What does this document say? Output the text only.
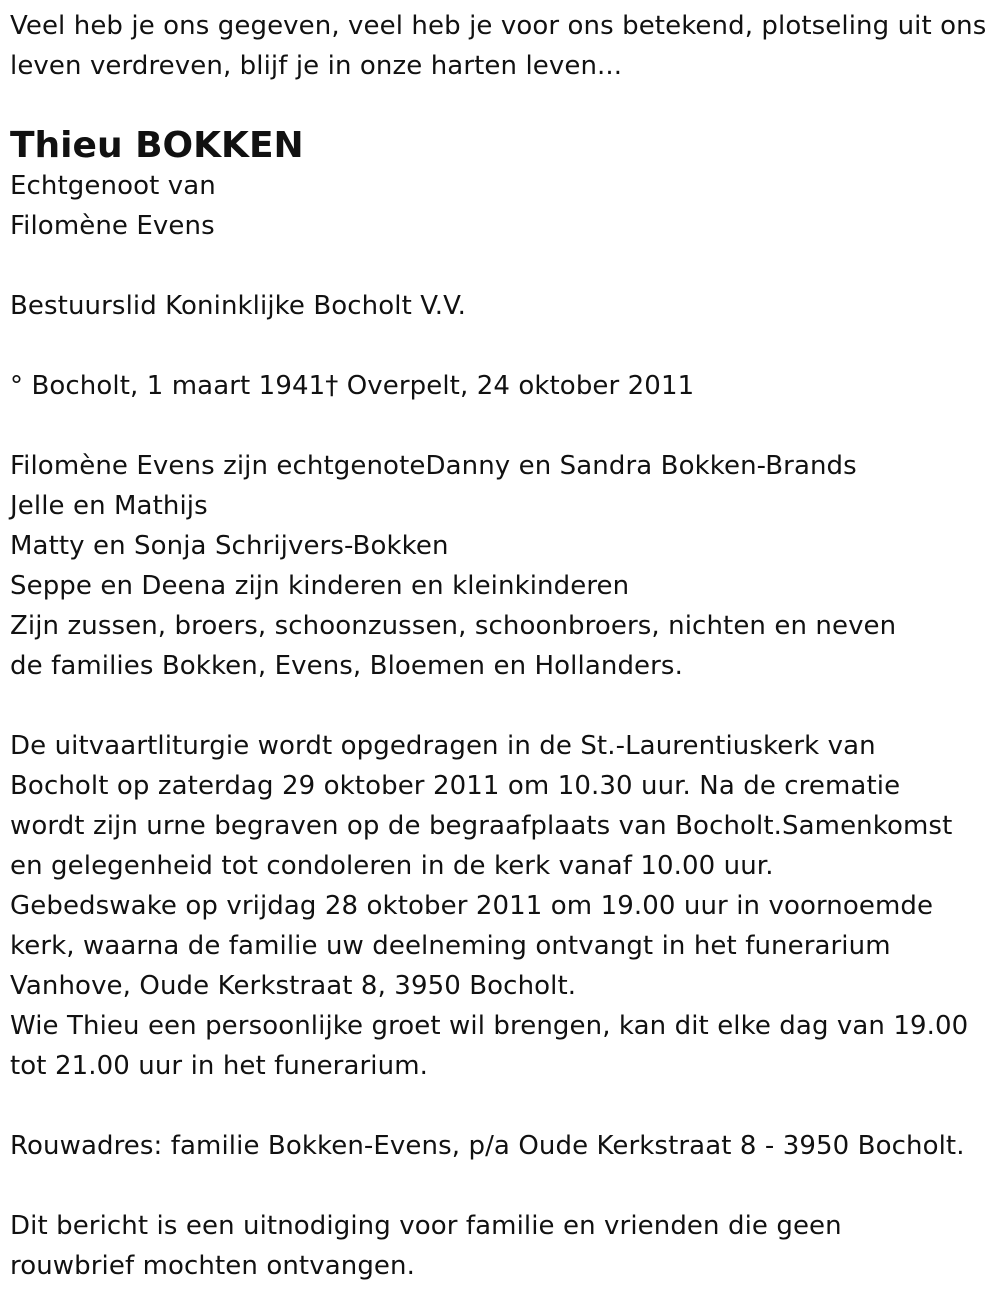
Veel heb je ons gegeven, veel heb je voor ons betekend, plotseling uit ons
leven verdreven, blijf je in onze harten leven...
Thieu BOKKEN
Echtgenoot van
Filomène Evens
Bestuurslid Koninklijke Bocholt V.V.
° Bocholt, 1 maart 1941† Overpelt, 24 oktober 2011
Filomène Evens zijn echtgenoteDanny en Sandra Bokken-Brands
Jelle en Mathijs
Matty en Sonja Schrijvers-Bokken
Seppe en Deena zijn kinderen en kleinkinderen
Zijn zussen, broers, schoonzussen, schoonbroers, nichten en neven
de families Bokken, Evens, Bloemen en Hollanders.
De uitvaartliturgie wordt opgedragen in de St.-Laurentiuskerk van
Bocholt op zaterdag 29 oktober 2011 om 10.30 uur. Na de crematie
wordt zijn urne begraven op de begraafplaats van Bocholt.Samenkomst
en gelegenheid tot condoleren in de kerk vanaf 10.00 uur.
Gebedswake op vrijdag 28 oktober 2011 om 19.00 uur in voornoemde
kerk, waarna de familie uw deelneming ontvangt in het funerarium
Vanhove, Oude Kerkstraat 8, 3950 Bocholt.
Wie Thieu een persoonlijke groet wil brengen, kan dit elke dag van 19.00
tot 21.00 uur in het funerarium.
Rouwadres: familie Bokken-Evens, p/a Oude Kerkstraat 8 - 3950 Bocholt.
Dit bericht is een uitnodiging voor familie en vrienden die geen
rouwbrief mochten ontvangen.
